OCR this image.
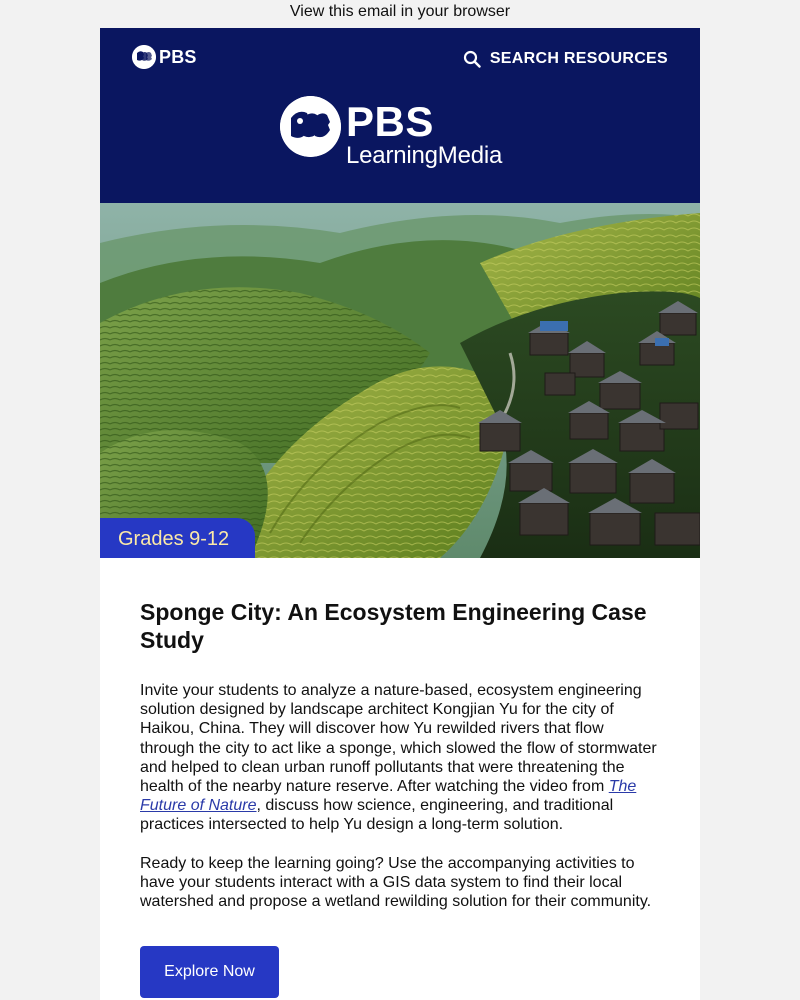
View this email in your browser
PBS	SEARCH RESOURCES
PBS
LearningMedia
Grades 9-12
Sponge City: An Ecosystem Engineering Case Study

Invite your students to analyze a nature-based, ecosystem engineering solution designed by landscape architect Kongjian Yu for the city of Haikou, China. They will discover how Yu rewilded rivers that flow through the city to act like a sponge, which slowed the flow of stormwater and helped to clean urban runoff pollutants that were threatening the health of the nearby nature reserve. After watching the video from The Future of Nature, discuss how science, engineering, and traditional practices intersected to help Yu design a long-term solution.

Ready to keep the learning going? Use the accompanying activities to have your students interact with a GIS data system to find their local watershed and propose a wetland rewilding solution for their community.

Explore Now
